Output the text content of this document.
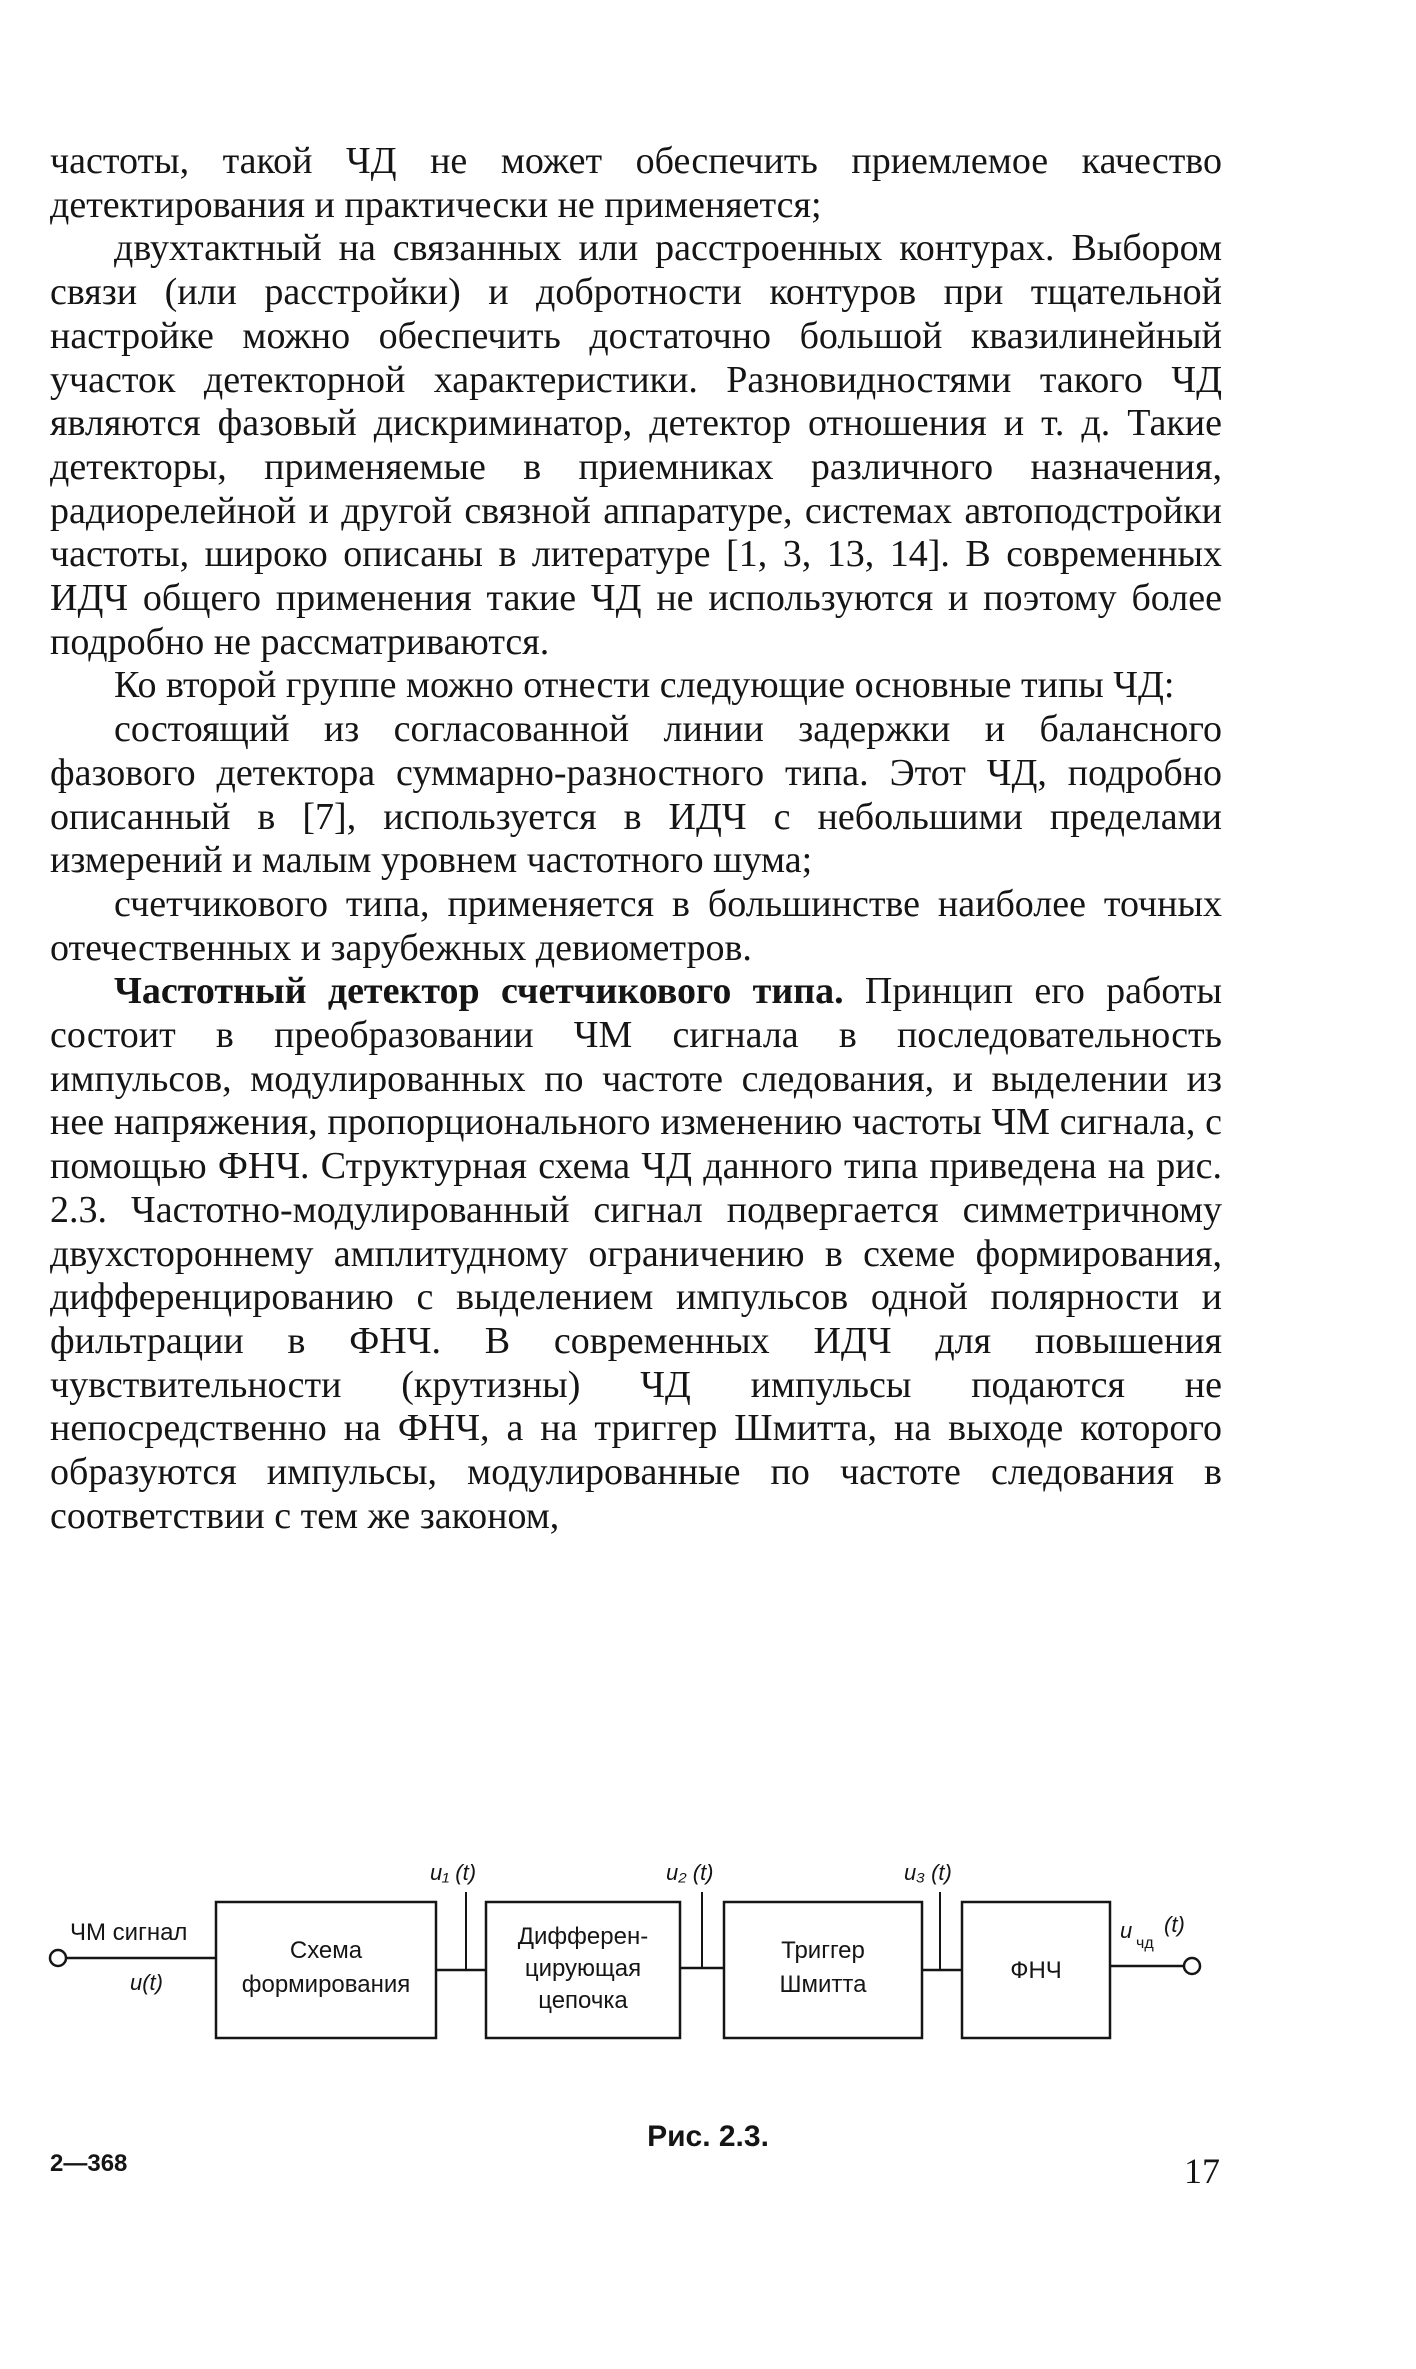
частоты, такой ЧД не может обеспечить приемлемое качество детектирования и практически не применяется;

двухтактный на связанных или расстроенных контурах. Выбором связи (или расстройки) и добротности контуров при тщательной настройке можно обеспечить достаточно большой квазилинейный участок детекторной характеристики. Разновидностями такого ЧД являются фазовый дискриминатор, детектор отношения и т. д. Такие детекторы, применяемые в приемниках различного назначения, радиорелейной и другой связной аппаратуре, системах автоподстройки частоты, широко описаны в литературе [1, 3, 13, 14]. В современных ИДЧ общего применения такие ЧД не используются и поэтому более подробно не рассматриваются.

Ко второй группе можно отнести следующие основные типы ЧД:

состоящий из согласованной линии задержки и балансного фазового детектора суммарно-разностного типа. Этот ЧД, подробно описанный в [7], используется в ИДЧ с небольшими пределами измерений и малым уровнем частотного шума;

счетчикового типа, применяется в большинстве наиболее точных отечественных и зарубежных девиометров.

Частотный детектор счетчикового типа. Принцип его работы состоит в преобразовании ЧМ сигнала в последовательность импульсов, модулированных по частоте следования, и выделении из нее напряжения, пропорционального изменению частоты ЧМ сигнала, с помощью ФНЧ. Структурная схема ЧД данного типа приведена на рис. 2.3. Частотно-модулированный сигнал подвергается симметричному двухстороннему амплитудному ограничению в схеме формирования, дифференцированию с выделением импульсов одной полярности и фильтрации в ФНЧ. В современных ИДЧ для повышения чувствительности (крутизны) ЧД импульсы подаются не непосредственно на ФНЧ, а на триггер Шмитта, на выходе которого образуются импульсы, модулированные по частоте следования в соответствии с тем же законом,

ЧМ сигнал
u(t)
Схема
формирования
u₁ (t)
Дифферен-
цирующая
цепочка
u₂ (t)
Триггер
Шмитта
u₃ (t)
ФНЧ
u
чд
(t)
Рис. 2.3.
2—368	17
